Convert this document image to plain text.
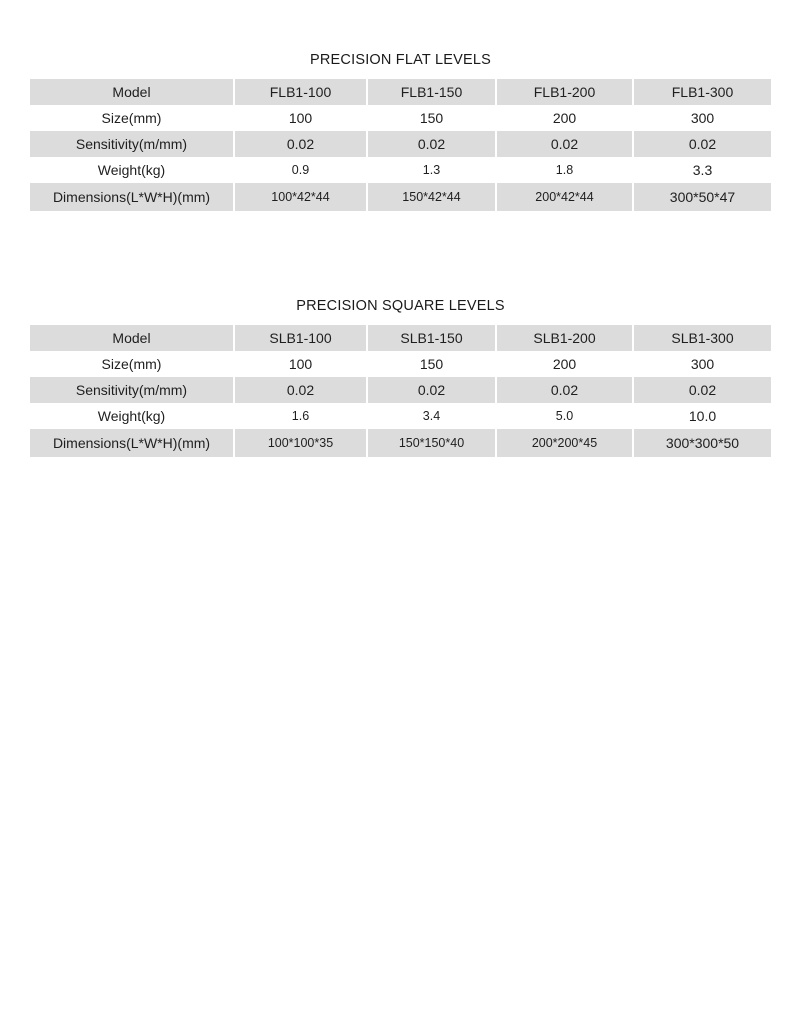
PRECISION FLAT LEVELS
Model	FLB1-100	FLB1-150	FLB1-200	FLB1-300
Size(mm)	100	150	200	300
Sensitivity(m/mm)	0.02	0.02	0.02	0.02
Weight(kg)	0.9	1.3	1.8	3.3
Dimensions(L*W*H)(mm)	100*42*44	150*42*44	200*42*44	300*50*47
PRECISION SQUARE LEVELS
Model	SLB1-100	SLB1-150	SLB1-200	SLB1-300
Size(mm)	100	150	200	300
Sensitivity(m/mm)	0.02	0.02	0.02	0.02
Weight(kg)	1.6	3.4	5.0	10.0
Dimensions(L*W*H)(mm)	100*100*35	150*150*40	200*200*45	300*300*50
